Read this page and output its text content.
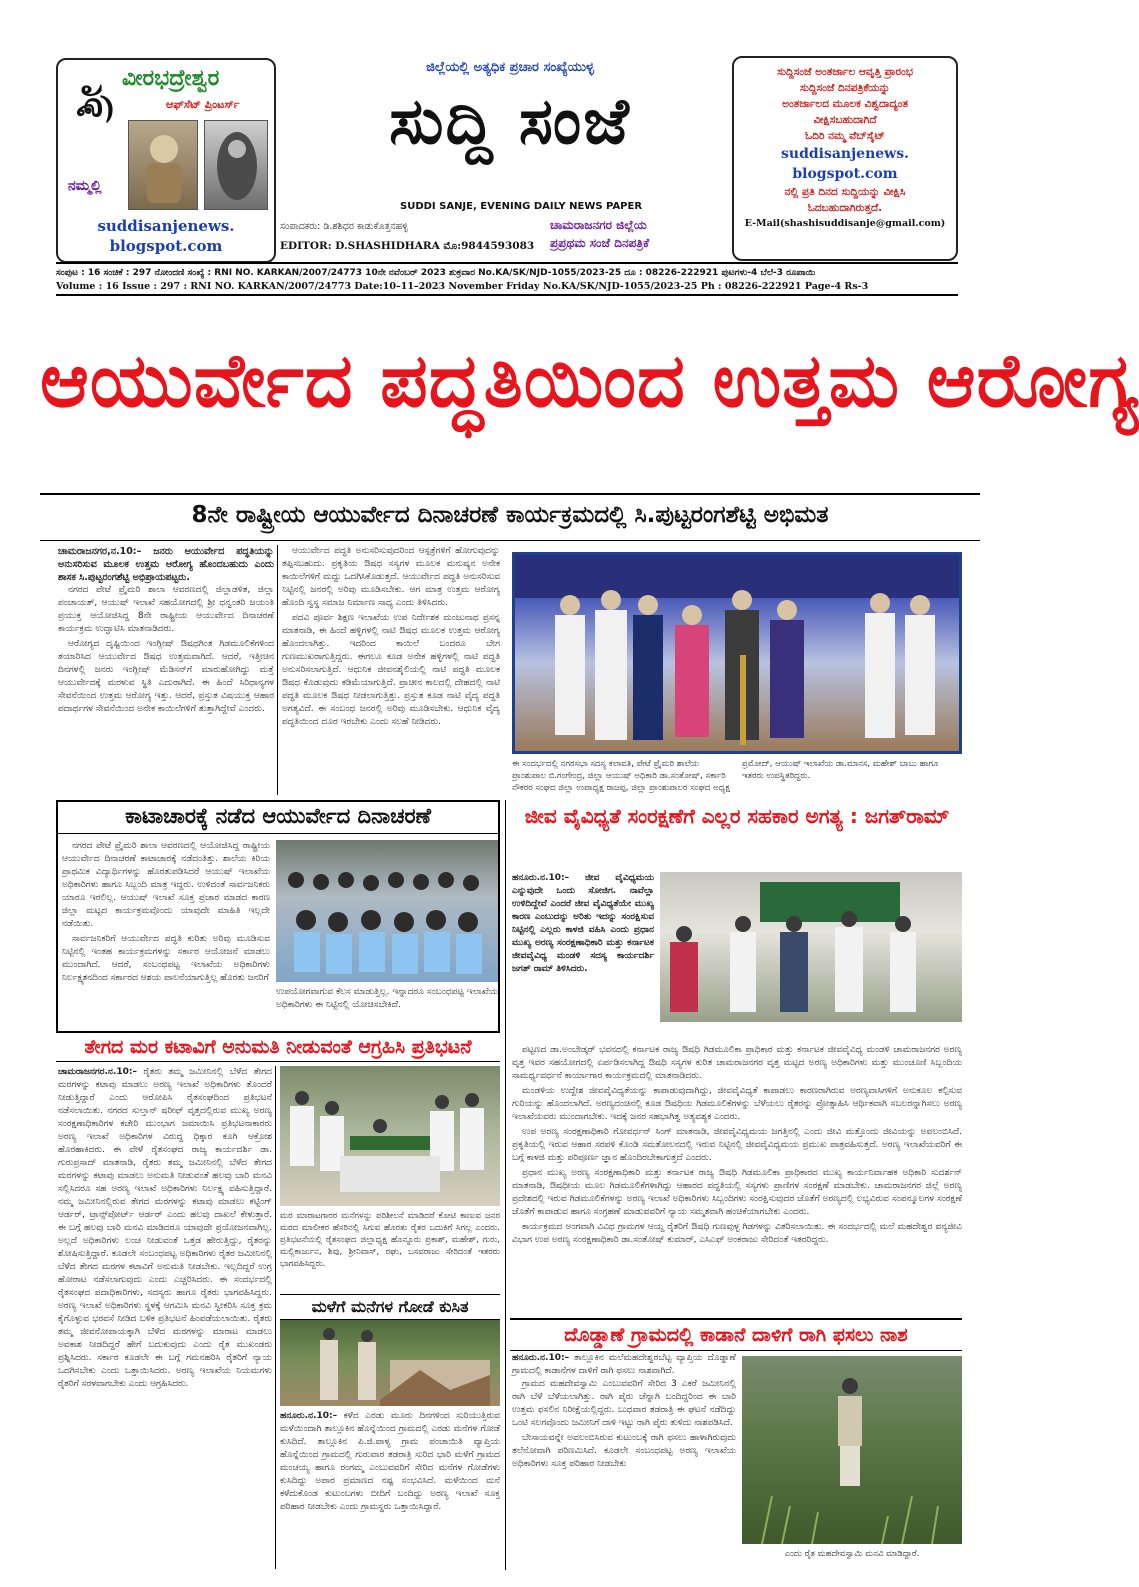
ಶ್ರೀ
ವೀರಭದ್ರೇಶ್ವರ
ಆಫ್‌ಸೆಟ್ ಪ್ರಿಂಟರ್ಸ್
ನಮ್ಮಲ್ಲಿ
suddisanjenews.
blogspot.com
ಜಿಲ್ಲೆಯಲ್ಲಿ ಅತ್ಯಧಿಕ ಪ್ರಚಾರ ಸಂಖ್ಯೆಯುಳ್ಳ
ಸುದ್ದಿ ಸಂಜೆ
SUDDI SANJE, EVENING DAILY NEWS PAPER
ಸಂಪಾದಕರು: ಡಿ.ಶಶಿಧರ ಕಾಡುಕೊತ್ತನಹಳ್ಳಿ
EDITOR: D.SHASHIDHARA ಮೊ:9844593083
ಚಾಮರಾಜನಗರ ಜಿಲ್ಲೆಯ
ಪ್ರಪ್ರಥಮ ಸಂಜೆ ದಿನಪತ್ರಿಕೆ
ಸುದ್ದಿಸಂಜೆ ಅಂತರ್ಜಾಲ ಆವೃತ್ತಿ ಪ್ರಾರಂಭ
ಸುದ್ದಿಸಂಜೆ ದಿನಪತ್ರಿಕೆಯನ್ನು
ಅಂತರ್ಜಾಲದ ಮೂಲಕ ವಿಶ್ವದಾದ್ಯಂತ
ವೀಕ್ಷಿಸಬಹುದಾಗಿದೆ
ಓದಿರಿ ನಮ್ಮ ವೆಬ್‌ಸೈಟ್
suddisanjenews.
blogspot.com
ನಲ್ಲಿ ಪ್ರತಿ ದಿನದ ಸುದ್ದಿಯನ್ನು ವೀಕ್ಷಿಸಿ
ಓದಬಹುದಾಗಿರುತ್ತದೆ.
E-Mail(shashisuddisanje@gmail.com)
ಸಂಪುಟ : 16 ಸಂಚಿಕೆ : 297 ನೋಂದಣಿ ಸಂಖ್ಯೆ : RNI NO. KARKAN/2007/24773 10ನೇ ನವೆಂಬರ್ 2023 ಶುಕ್ರವಾರ No.KA/SK/NJD-1055/2023-25 ದೂ : 08226-222921 ಪುಟಗಳು-4 ಬೆಲೆ-3 ರೂಪಾಯಿ
Volume : 16 Issue : 297 : RNI NO. KARKAN/2007/24773 Date:10–11–2023 November Friday No.KA/SK/NJD-1055/2023-25 Ph : 08226-222921 Page-4 Rs-3
ಆಯುರ್ವೇದ ಪದ್ಧತಿಯಿಂದ ಉತ್ತಮ ಆರೋಗ್ಯ
8ನೇ ರಾಷ್ಟ್ರೀಯ ಆಯುರ್ವೇದ ದಿನಾಚರಣೆ ಕಾರ್ಯಕ್ರಮದಲ್ಲಿ ಸಿ.ಪುಟ್ಟರಂಗಶೆಟ್ಟಿ ಅಭಿಮತ
ಚಾಮರಾಜನಗರ,ನ.10:– ಜನರು ಆಯುರ್ವೇದ ಪದ್ಧತಿಯನ್ನು ಅನುಸರಿಸುವ ಮೂಲಕ ಉತ್ತಮ ಆರೋಗ್ಯ ಹೊಂದಬಹುದು ಎಂದು ಶಾಸಕ ಸಿ.ಪುಟ್ಟರಂಗಶೆಟ್ಟಿ ಅಭಿಪ್ರಾಯಪಟ್ಟರು.

ನಗರದ ಪೇಟೆ ಪ್ರೈಮರಿ ಶಾಲಾ ಆವರಣದಲ್ಲಿ ಜಿಲ್ಲಾಡಳಿತ, ಜಿಲ್ಲಾ ಪಂಚಾಯತ್, ಆಯುಷ್ ಇಲಾಖೆ ಸಹಯೋಗದಲ್ಲಿ ಶ್ರೀ ಧನ್ವಂತರಿ ಜಯಂತಿ ಪ್ರಯುಕ್ತ ಆಯೋಜಿಸಿದ್ದ 8ನೇ ರಾಷ್ಟ್ರೀಯ ಆಯುರ್ವೇದ ದಿನಾಚರಣೆ ಕಾರ್ಯಕ್ರಮ ಉದ್ಘಾಟಿಸಿ ಮಾತನಾಡಿದರು.

ಆರೋಗ್ಯದ ದೃಷ್ಟಿಯಿಂದ ಇಂಗ್ಲೀಷ್ ಔಷಧಗಿಂತ ಗಿಡಮೂಲಿಕೆಗಳಿಂದ ತಯಾರಿಸಿದ ಆಯುರ್ವೇದ ಔಷಧ ಉತ್ತಮವಾಗಿದೆ. ಆದರೆ, ಇತ್ತೀಚಿನ ದಿನಗಳಲ್ಲಿ ಜನರು ಇಂಗ್ಲೀಷ್ ಮೆಡಿಸನ್‌ಗೆ ಮಾರುಹೋಗಿದ್ದು ಮತ್ತೆ ಆಯುರ್ವೇದಕ್ಕೆ ಮರಳುವ ಸ್ಥಿತಿ ಎದುರಾಗಿದೆ. ಈ ಹಿಂದೆ ಸಿರಿಧಾನ್ಯಗಳ ಸೇವನೆಯಿಂದ ಉತ್ತಮ ಆರೋಗ್ಯ ಇತ್ತು. ಆದರೆ, ಪ್ರಸ್ತುತ ವಿಷಯುಕ್ತ ಆಹಾರ ಪದಾರ್ಥಗಳ ಸೇವನೆಯಿಂದ ಅನೇಕ ಕಾಯಿಲೆಗಳಿಗೆ ತುತ್ತಾಗಿದ್ದೇವೆ ಎಂದರು.

ಆಯುರ್ವೇದ ಪದ್ಧತಿ ಅನುಸರಿಸುವುದರಿಂದ ಆಸ್ಪತ್ರೆಗಳಿಗೆ ಹೋಗುವುದನ್ನು ತಪ್ಪಿಸಬಹುದು. ಪ್ರಕೃತಿಯ ಔಷಧ ಸಸ್ಯಗಳ ಮೂಲಕ ಮನುಷ್ಯನ ಅನೇಕ ಕಾಯಿಲೆಗಳಿಗೆ ಮದ್ದು ಒದಗಿಸಿಕೊಡುತ್ತದೆ. ಆಯುರ್ವೇದ ಪದ್ಧತಿ ಅನುಸರಿಸುವ ನಿಟ್ಟಿನಲ್ಲಿ ಜನರಲ್ಲಿ ಅರಿವು ಮೂಡಿಸಬೇಕು. ಆಗ ಮಾತ್ರ ಉತ್ತಮ ಆರೋಗ್ಯ ಹೊಂದಿ ಸ್ವಸ್ಥ ಸಮಾಜ ನಿರ್ಮಾಣ ಸಾಧ್ಯ ಎಂದು ತಿಳಿಸಿದರು.

ಪದವಿ ಪೂರ್ವ ಶಿಕ್ಷಣ ಇಲಾಖೆಯ ಉಪ ನಿರ್ದೇಶಕ ಮಂಜುನಾಥ ಪ್ರಸನ್ನ ಮಾತನಾಡಿ, ಈ ಹಿಂದೆ ಹಳ್ಳಿಗಳಲ್ಲಿ ನಾಟಿ ಔಷಧ ಮೂಲಕ ಉತ್ತಮ ಆರೋಗ್ಯ ಹೊಂದಲಾಗಿತ್ತು. ಇದರಿಂದ ಕಾಯಿಲೆ ಬಂದರೂ ಬೇಗ ಗುಣಮುಖರಾಗುತ್ತಿದ್ದರು. ಈಗಲೂ ಕೂಡ ಅನೇಕ ಹಳ್ಳಿಗಳಲ್ಲಿ ನಾಟಿ ಪದ್ಧತಿ ಅನುಸರಿಸಲಾಗುತ್ತಿದೆ. ಆಧುನಿಕ ಜೀವನಶೈಲಿಯಲ್ಲಿ ನಾಟಿ ಪದ್ಧತಿ ಮೂಲಕ ಔಷಧ ಕೊಡುವುದು ಕಡಿಮೆಯಾಗುತ್ತಿದೆ. ಪ್ರಾಚೀನ ಕಾಲದಲ್ಲಿ ದೇಹದಲ್ಲಿ ನಾಟಿ ಪದ್ಧತಿ ಮೂಲಕ ಔಷಧ ನೀಡಲಾಗುತ್ತಿತ್ತು. ಪ್ರಸ್ತುತ ಕೂಡ ನಾಟಿ ವೈದ್ಯ ಪದ್ಧತಿ ಅಗತ್ಯವಿದೆ. ಈ ಸಂಬಂಧ ಜನರಲ್ಲಿ ಅರಿವು ಮೂಡಿಸಬೇಕು. ಆಧುನಿಕ ವೈದ್ಯ ಪದ್ಧತಿಯಿಂದ ದೂರ ಇರಬೇಕು ಎಂದು ಸಲಹೆ ನೀಡಿದರು.

ಈ ಸಂದರ್ಭದಲ್ಲಿ ನಗರಸಭಾ ಸದಸ್ಯ ಕಲಾವತಿ, ಪೇಟೆ ಪ್ರೈಮರಿ ಶಾಲೆಯ ಪ್ರಾಂಶುಪಾಲ ಬಿ.ಗಂಗೇಂದ್ರ, ಜಿಲ್ಲಾ ಆಯುಷ್ ಅಧಿಕಾರಿ ಡಾ.ಸಂತೋಷ್, ಸರ್ಕಾರಿ ನೌಕರರ ಸಂಘದ ಜಿಲ್ಲಾ ಉಪಾಧ್ಯಕ್ಷ ರಾಜಪ್ಪ, ಜಿಲ್ಲಾ ಪ್ರಾಂಶುಪಾಲರ ಸಂಘದ ಅಧ್ಯಕ್ಷ ಪ್ರಮೋದ್, ಆಯುಷ್ ಇಲಾಖೆಯ ಡಾ.ಮಾನಸ, ಮಹೇಶ್ ಬಾಬು ಹಾಗೂ ಇತರರು ಉಪಸ್ಥಿತರಿದ್ದರು.
ಕಾಟಾಚಾರಕ್ಕೆ ನಡೆದ ಆಯುರ್ವೇದ ದಿನಾಚರಣೆ

ನಗರದ ಪೇಟೆ ಪ್ರೈಮರಿ ಶಾಲಾ ಆವರಣದಲ್ಲಿ ಆಯೋಜಿಸಿದ್ದ ರಾಷ್ಟ್ರೀಯ ಆಯುರ್ವೇದ ದಿನಾಚರಣೆ ಕಾಟಾಚಾರಕ್ಕೆ ನಡೆದಂತಿತ್ತು. ಶಾಲೆಯ ಕಿರಿಯ ಪ್ರಾಥಮಿಕ ವಿದ್ಯಾರ್ಥಿಗಳನ್ನು ಹೊರತುಪಡಿಸಿದರೆ ಆಯುಷ್ ಇಲಾಖೆಯ ಅಧಿಕಾರಿಗಳು ಹಾಗೂ ಸಿಬ್ಬಂದಿ ಮಾತ್ರ ಇದ್ದರು. ಉಳಿದಂತೆ ಸಾರ್ವಜನಿಕರು ಯಾರೂ ಇರಲಿಲ್ಲ. ಆಯುಷ್ ಇಲಾಖೆ ಸೂಕ್ತ ಪ್ರಚಾರ ಮಾಡದ ಕಾರಣ ಜಿಲ್ಲಾ ಮಟ್ಟದ ಕಾರ್ಯಕ್ರಮವೊಂದು ಯಾವುದೇ ಮಾಹಿತಿ ಇಲ್ಲದೇ ನಡೆಯಿತು.

ಸಾರ್ವಜನಿಕರಿಗೆ ಆಯುರ್ವೇದ ಪದ್ಧತಿ ಕುರಿತು ಅರಿವು ಮೂಡಿಸುವ ನಿಟ್ಟಿನಲ್ಲಿ ಇಂತಹ ಕಾರ್ಯಕ್ರಮಗಳನ್ನು ಸರ್ಕಾರ ಆಯೋಜನೆ ಮಾಡಲು ಮುಂದಾಗಿದೆ. ಆದರೆ, ಸಂಬಂಧಪಟ್ಟ ಇಲಾಖೆಯ ಅಧಿಕಾರಿಗಳು ನಿರ್ಲಕ್ಷ್ಯತನದಿಂದ ಸರ್ಕಾರದ ಆಶಯ ಪಾಲನೆಯಾಗುತ್ತಿಲ್ಲ ಹೊರತು ಜನರಿಗೆ

ಉಪಯೋಗವಾಗುವ ಕೆಲಸ ಮಾಡುತ್ತಿಲ್ಲ. ಇನ್ನಾದರೂ ಸಂಬಂಧಪಟ್ಟ ಇಲಾಖೆಯ ಅಧಿಕಾರಿಗಳು ಈ ನಿಟ್ಟಿನಲ್ಲಿ ಯೋಚಿಸಬೇಕಿದೆ.
ತೇಗದ ಮರ ಕಟಾವಿಗೆ ಅನುಮತಿ ನೀಡುವಂತೆ ಆಗ್ರಹಿಸಿ ಪ್ರತಿಭಟನೆ
ಚಾಮರಾಜನಗರ.ನ.10:– ರೈತರು ತಮ್ಮ ಜಮೀನಿನಲ್ಲಿ ಬೆಳೆದ ತೇಗದ ಮರಗಳನ್ನು ಕಟಾವು ಮಾಡಲು ಅರಣ್ಯ ಇಲಾಖೆ ಅಧಿಕಾರಿಗಳು ತೊಂದರೆ ನೀಡುತ್ತಿದ್ದಾರೆ ಎಂದು ಆರೋಪಿಸಿ ರೈತಸಂಘದಿಂದ ಪ್ರತಿಭಟನೆ ನಡೆಸಲಾಯಿತು. ನಗರದ ಸುಲ್ತಾನ್ ಷರೀಫ್ ವೃತ್ತದಲ್ಲಿರುವ ಮುಖ್ಯ ಅರಣ್ಯ ಸಂರಕ್ಷಣಾಧಿಕಾರಿಗಳ ಕಚೇರಿ ಮುಂಭಾಗ ಜಮಾಯಿಸಿ ಪ್ರತಿಭಟನಾಕಾರರು ಅರಣ್ಯ ಇಲಾಖೆ ಅಧಿಕಾರಿಗಳ ವಿರುದ್ಧ ಧಿಕ್ಕಾರ ಕೂಗಿ ಆಕ್ರೋಶ ಹೊರಹಾಕಿದರು. ಈ ವೇಳೆ ರೈತಸಂಘದ ರಾಜ್ಯ ಕಾರ್ಯದರ್ಶಿ ಡಾ. ಗುರುಪ್ರಸಾದ್ ಮಾತನಾಡಿ, ರೈತರು ತಮ್ಮ ಜಮೀನಿನಲ್ಲಿ ಬೆಳೆದ ತೇಗದ ಮರಗಳನ್ನು ಕಟಾವು ಮಾಡಲು ಅನುಮತಿ ನೀಡುವಂತೆ ಹಲವು ಬಾರಿ ಮನವಿ ಸಲ್ಲಿಸಿದರೂ ಸಹ ಅರಣ್ಯ ಇಲಾಖೆ ಅಧಿಕಾರಿಗಳು ನಿರ್ಲಕ್ಷ್ಯ ವಹಿಸುತ್ತಿದ್ದಾರೆ. ನಮ್ಮ ಜಮೀನಿನಲ್ಲಿರುವ ತೇಗದ ಮರಗಳನ್ನು ಕಟಾವು ಮಾಡಲು ಕಟ್ಟಿಂಗ್ ಆರ್ಡರ್, ಟ್ರಾನ್ಸ್‌ಪೋರ್ಟ್ ಆರ್ಡರ್ ಎಂದು ಹಲವು ದಾಖಲೆ ಕೇಳುತ್ತಾರೆ. ಈ ಬಗ್ಗೆ ಹಲವು ಬಾರಿ ಮನವಿ ಮಾಡಿದರೂ ಯಾವುದೇ ಪ್ರಯೋಜನವಾಗಿಲ್ಲ. ಅಲ್ಲದೆ ಅಧಿಕಾರಿಗಳು ಲಂಚ ನೀಡುವಂತೆ ಒತ್ತಡ ಹೇರುತ್ತಿದ್ದು, ರೈತರನ್ನು ಶೋಷಿಸುತ್ತಿದ್ದಾರೆ. ಕೂಡಲೇ ಸಂಬಂಧಪಟ್ಟ ಅಧಿಕಾರಿಗಳು ರೈತರ ಜಮೀನಿನಲ್ಲಿ ಬೆಳೆದ ತೇಗದ ಮರಗಳ ಕಟಾವಿಗೆ ಅನುಮತಿ ನೀಡಬೇಕು. ಇಲ್ಲದಿದ್ದರೆ ಉಗ್ರ ಹೋರಾಟ ನಡೆಸಲಾಗುವುದು ಎಂದು ಎಚ್ಚರಿಸಿದರು. ಈ ಸಂದರ್ಭದಲ್ಲಿ ರೈತಸಂಘದ ಪದಾಧಿಕಾರಿಗಳು, ಸದಸ್ಯರು ಹಾಗೂ ರೈತರು ಭಾಗವಹಿಸಿದ್ದರು. ಅರಣ್ಯ ಇಲಾಖೆ ಅಧಿಕಾರಿಗಳು ಸ್ಥಳಕ್ಕೆ ಆಗಮಿಸಿ ಮನವಿ ಸ್ವೀಕರಿಸಿ ಸೂಕ್ತ ಕ್ರಮ ಕೈಗೊಳ್ಳುವ ಭರವಸೆ ನೀಡಿದ ಬಳಿಕ ಪ್ರತಿಭಟನೆ ಹಿಂಪಡೆಯಲಾಯಿತು. ರೈತರು ತಮ್ಮ ಜೀವನೋಪಾಯಕ್ಕಾಗಿ ಬೆಳೆದ ಮರಗಳನ್ನು ಮಾರಾಟ ಮಾಡಲು ಅವಕಾಶ ನೀಡದಿದ್ದರೆ ಹೇಗೆ ಬದುಕುವುದು ಎಂದು ರೈತ ಮುಖಂಡರು ಪ್ರಶ್ನಿಸಿದರು. ಸರ್ಕಾರ ಕೂಡಲೇ ಈ ಬಗ್ಗೆ ಗಮನಹರಿಸಿ ರೈತರಿಗೆ ನ್ಯಾಯ ಒದಗಿಸಬೇಕು ಎಂದು ಒತ್ತಾಯಿಸಿದರು. ಅರಣ್ಯ ಇಲಾಖೆಯ ನಿಯಮಗಳು ರೈತರಿಗೆ ಸರಳವಾಗಬೇಕು ಎಂದು ಆಗ್ರಹಿಸಿದರು.
ಮರ ಮಾರಾಟಗಾರರ ಮನೆಗಳನ್ನು ಪರಿಶೀಲನೆ ಮಾಡಿದರೆ ಕೋಟಿ ಕಾಣುವ ಜನರ ಮರದ ಮಾಲೀಕರ ಹೆಸರಿನಲ್ಲಿ ಸಿಗುವ ಹೊರತು ರೈತರ ಬದುಕಿಗೆ ಸಿಗಲ್ಲ ಎಂದರು. ಪ್ರತಿಭಟನೆಯಲ್ಲಿ ರೈತಸಂಘದ ಜಿಲ್ಲಾಧ್ಯಕ್ಷ ಹೊನ್ನೂರು ಪ್ರಕಾಶ್, ಮಹೇಶ್, ಗುರು, ಮಲ್ಲಿಕಾರ್ಜುನ, ಶಿವು, ಶ್ರೀನಿವಾಸ್, ರಘು, ಬಸವರಾಜು ಸೇರಿದಂತೆ ಇತರರು ಭಾಗವಹಿಸಿದ್ದರು.
ಮಳೆಗೆ ಮನೆಗಳ ಗೋಡೆ ಕುಸಿತ
ಹನೂರು.ನ.10:– ಕಳೆದ ಎರಡು ಮೂರು ದಿನಗಳಿಂದ ಸುರಿಯುತ್ತಿರುವ ಮಳೆಯಿಂದಾಗಿ ತಾಲ್ಲೂಕಿನ ಹೊನ್ನೆಯಿಂದ ಗ್ರಾಮದಲ್ಲಿ ಎರಡು ಮನೆಗಳ ಗೋಡೆ ಕುಸಿದಿದೆ. ತಾಲ್ಲೂಕಿನ ಪಿ.ಜಿ.ಪಾಳ್ಯ ಗ್ರಾಮ ಪಂಚಾಯಿತಿ ವ್ಯಾಪ್ತಿಯ ಹೊನ್ನೆಯಿಂದ ಗ್ರಾಮದಲ್ಲಿ ಗುರುವಾರ ತಡರಾತ್ರಿ ಸುರಿದ ಭಾರಿ ಮಳೆಗೆ ಗ್ರಾಮದ ಮಂಚಯ್ಯ ಹಾಗೂ ರಂಗಮ್ಮ ಎಂಬುವವರಿಗೆ ಸೇರಿದ ಮನೆಗಳ ಗೋಡೆಗಳು ಕುಸಿದಿದ್ದು ಅಪಾರ ಪ್ರಮಾಣದ ನಷ್ಟ ಸಂಭವಿಸಿದೆ. ಮಳೆಯಿಂದ ಮನೆ ಕಳೆದುಕೊಂಡ ಕುಟುಂಬಗಳು ಬೀದಿಗೆ ಬಂದಿದ್ದು ಅರಣ್ಯ ಇಲಾಖೆ ಸೂಕ್ತ ಪರಿಹಾರ ನೀಡಬೇಕು ಎಂದು ಗ್ರಾಮಸ್ಥರು ಒತ್ತಾಯಿಸಿದ್ದಾರೆ.
ಜೀವ ವೈವಿಧ್ಯತೆ ಸಂರಕ್ಷಣೆಗೆ ಎಲ್ಲರ ಸಹಕಾರ ಅಗತ್ಯ : ಜಗತ್‌ರಾಮ್
ಹನೂರು.ನ.10:– ಜೀವ ವೈವಿಧ್ಯಮಯ ಎನ್ನುವುದೇ ಒಂದು ಸೋಜಿಗ. ನಾವೆಲ್ಲಾ ಉಳಿದಿದ್ದೇವೆ ಎಂದರೆ ಜೀವ ವೈವಿಧ್ಯತೆಯೇ ಮುಖ್ಯ ಕಾರಣ ಎಂಬುದನ್ನು ಅರಿತು ಇದನ್ನು ಸಂರಕ್ಷಿಸುವ ನಿಟ್ಟಿನಲ್ಲಿ ಎಲ್ಲರು ಕಾಳಜಿ ವಹಿಸಿ ಎಂದು ಪ್ರಧಾನ ಮುಖ್ಯ ಅರಣ್ಯ ಸಂರಕ್ಷಣಾಧಿಕಾರಿ ಮತ್ತು ಕರ್ನಾಟಕ ಜೀವವೈವಿಧ್ಯ ಮಂಡಳಿ ಸದಸ್ಯ ಕಾರ್ಯದರ್ಶಿ ಜಗತ್ ರಾಮ್ ತಿಳಿಸಿದರು.

ಪಟ್ಟಣದ ಡಾ.ಅಂಬೇಡ್ಕರ್ ಭವನದಲ್ಲಿ ಕರ್ನಾಟಕ ರಾಜ್ಯ ಔಷಧಿ ಗಿಡಮೂಲಿಕಾ ಪ್ರಾಧಿಕಾರ ಮತ್ತು ಕರ್ನಾಟಕ ಜೀವವೈವಿಧ್ಯ ಮಂಡಳಿ ಚಾಮರಾಜನಗರ ಅರಣ್ಯ ವೃತ್ತ ಇವರ ಸಹಯೋಗದಲ್ಲಿ ಏರ್ಪಡಿಸಲಾಗಿದ್ದ ಔಷಧಿ ಸಸ್ಯಗಳ ಕುರಿತ ಚಾಮರಾಜನಗರ ವೃತ್ತ ಮಟ್ಟದ ಅರಣ್ಯ ಅಧಿಕಾರಿಗಳು ಮತ್ತು ಮುಂಚೂಣಿ ಸಿಬ್ಬಂದಿಯ ಸಾಮರ್ಥ್ಯವರ್ಧನೆ ಕಾರ್ಯಾಗಾರ ಕಾರ್ಯಕ್ರಮದಲ್ಲಿ ಮಾತನಾಡಿದರು.

ಮಂಡಳಿಯ ಉದ್ದೇಶ ಜೀವವೈವಿಧ್ಯತೆಯನ್ನು ಕಾಪಾಡುವುದಾಗಿದ್ದು, ಜೀವವೈವಿಧ್ಯತೆ ಕಾಪಾಡಲು ಕಾರಣರಾಗಿರುವ ಅರಣ್ಯವಾಸಿಗಳಿಗೆ ಅನುಕೂಲ ಕಲ್ಪಿಸುವ ಗುರಿಯನ್ನು ಹೊಂದಲಾಗಿದೆ. ಅರಣ್ಯದಂಚಿನಲ್ಲಿ ಕೂಡ ಔಷಧಿಯ ಗಿಡಮೂಲಿಕೆಗಳನ್ನು ಬೆಳೆಯಲು ರೈತರನ್ನು ಪ್ರೋತ್ಸಾಹಿಸಿ ಆರ್ಥಿಕವಾಗಿ ಸಬಲರನ್ನಾಗಿಸಲು ಅರಣ್ಯ ಇಲಾಖೆಯವರು ಮುಂದಾಗಬೇಕು. ಇದಕ್ಕೆ ಜನರ ಸಹಭಾಗಿತ್ವ ಅತ್ಯವಶ್ಯಕ ಎಂದರು.

ಉಪ ಅರಣ್ಯ ಸಂರಕ್ಷಣಾಧಿಕಾರಿ ಗೋವರ್ಧನ್ ಸಿಂಗ್ ಮಾತನಾಡಿ, ಜೀವವೈವಿಧ್ಯಮಯ ಜಗತ್ತಿನಲ್ಲಿ ಎಂದು ಜೀವಿ ಮತ್ತೊಂದು ಜೀವಿಯನ್ನು ಅವಲಂಬಿಸಿದೆ. ಪ್ರಕೃತಿಯಲ್ಲಿ ಇರುವ ಆಹಾರ ಸರಪಳಿ ಕೊಂಡಿ ಸಮತೋಲನದಲ್ಲಿ ಇರುವ ನಿಟ್ಟಿನಲ್ಲಿ ಜೀವವೈವಿಧ್ಯಮಯ ಪ್ರಮುಖ ಪಾತ್ರವಹಿಸುತ್ತದೆ. ಅರಣ್ಯ ಇಲಾಖೆಯವರಿಗೆ ಈ ಬಗ್ಗೆ ಕಾಳಜಿ ಮತ್ತು ಪರಿಪೂರ್ಣ ಜ್ಞಾನ ಹೊಂದಿರಬೇಕಾಗುತ್ತದೆ ಎಂದರು.

ಪ್ರಧಾನ ಮುಖ್ಯ ಅರಣ್ಯ ಸಂರಕ್ಷಣಾಧಿಕಾರಿ ಮತ್ತು ಕರ್ನಾಟಕ ರಾಜ್ಯ ಔಷಧಿ ಗಿಡಮೂಲಿಕಾ ಪ್ರಾಧಿಕಾರದ ಮುಖ್ಯ ಕಾರ್ಯನಿರ್ವಾಹಕ ಅಧಿಕಾರಿ ಸುದರ್ಶನ್ ಮಾತನಾಡಿ, ಔಷಧೀಯ ಮೂಲ ಗಿಡಮೂಲಿಕೆಗಳಾಗಿದ್ದು ಆಹಾರದ ಪದ್ಧತಿಯಲ್ಲಿ ಸಸ್ಯಗಳು ಪ್ರಾಣಿಗಳ ಸಂರಕ್ಷಣೆ ಮಾಡಬೇಕು. ಚಾಮರಾಜನಗರ ಜಿಲ್ಲೆ ಅರಣ್ಯ ಪ್ರದೇಶದಲ್ಲಿ ಇರುವ ಗಿಡಮೂಲಿಕೆಗಳನ್ನು ಅರಣ್ಯ ಇಲಾಖೆ ಅಧಿಕಾರಿಗಳು ಸಿಬ್ಬಂದಿಗಳು ಸಂರಕ್ಷಿಸುವುದರ ಜೊತೆಗೆ ಅರಣ್ಯದಲ್ಲಿ ಲಭ್ಯವಿರುವ ಸಂಪನ್ಮೂಲಗಳ ಸಂರಕ್ಷಣೆ ಜೊತೆಗೆ ಕಾಪಾಡುವ ಹಾಗೂ ಸಂಗ್ರಹಣೆ ಮಾಡುವವರಿಗೆ ನ್ಯಾಯ ಸಮ್ಮತವಾಗಿ ಹಂಚಿಕೆಯಾಗಬೇಕು ಎಂದರು.

ಕಾರ್ಯಕ್ರಮದ ಅಂಗವಾಗಿ ವಿವಿಧ ಗ್ರಾಮಗಳ ಆಯ್ದ ರೈತರಿಗೆ ಔಷಧಿ ಗುಣವುಳ್ಳ ಗಿಡಗಳನ್ನು ವಿತರಿಸಲಾಯಿತು. ಈ ಸಂದರ್ಭದಲ್ಲಿ ಮಲೆ ಮಹದೇಶ್ವರ ವನ್ಯಜೀವಿ ವಿಭಾಗ ಉಪ ಅರಣ್ಯ ಸಂರಕ್ಷಣಾಧಿಕಾರಿ ಡಾ.ಸಂತೋಷ್ ಕುಮಾರ್, ಎಸಿಎಫ್ ಅಂಕರಾಜು ಸೇರಿದಂತೆ ಇತರರಿದ್ದರು.

ದೊಡ್ಡಾಣೆ ಗ್ರಾಮದಲ್ಲಿ ಕಾಡಾನೆ ದಾಳಿಗೆ ರಾಗಿ ಫಸಲು ನಾಶ
ಹನೂರು.ನ.10:– ತಾಲ್ಲೂಕಿನ ಮಲೆಮಹದೇಶ್ವರಬೆಟ್ಟ ವ್ಯಾಪ್ತಿಯ ದೊಡ್ಡಾಣೆ ಗ್ರಾಮದಲ್ಲಿ ಕಾಡಾನೆಗಳ ದಾಳಿಗೆ ರಾಗಿ ಫಸಲು ನಾಶವಾಗಿದೆ.

ಗ್ರಾಮದ ಮಹದೇವಸ್ವಾಮಿ ಎಂಬುವವರಿಗೆ ಸೇರಿದ 3 ಎಕರೆ ಜಮೀನಿನಲ್ಲಿ ರಾಗಿ ಬೆಳೆ ಬೆಳೆಯಲಾಗಿತ್ತು. ರಾಗಿ ಪೈರು ಚೆನ್ನಾಗಿ ಬಂದಿದ್ದರಿಂದ ಈ ಬಾರಿ ಉತ್ತಮ ಫಸಲಿನ ನಿರೀಕ್ಷೆಯಲ್ಲಿದ್ದರು. ಬುಧವಾರ ತಡರಾತ್ರಿ ಈ ಘಟನೆ ನಡೆದಿದ್ದು ಒಂಟಿ ಸಲಗವೊಂದು ಜಮೀನಿಗೆ ದಾಳಿ ಇಟ್ಟು ರಾಗಿ ಪೈರು ತುಳಿದು ನಾಶಪಡಿಸಿದೆ.

ಬೇಸಾಯವನ್ನೇ ಅವಲಂಬಿಸಿರುವ ಕುಟುಂಬಕ್ಕೆ ರಾಗಿ ಫಸಲು ಹಾಳಾಗಿರುವುದು ತಲೆನೋವಾಗಿ ಪರಿಣಮಿಸಿದೆ. ಕೂಡಲೇ ಸಂಬಂಧಪಟ್ಟ ಅರಣ್ಯ ಇಲಾಖೆಯ ಅಧಿಕಾರಿಗಳು ಸೂಕ್ತ ಪರಿಹಾರ ನೀಡಬೇಕು

ಎಂದು ರೈತ ಮಹದೇವಸ್ವಾಮಿ ಮನವಿ ಮಾಡಿದ್ದಾರೆ.
